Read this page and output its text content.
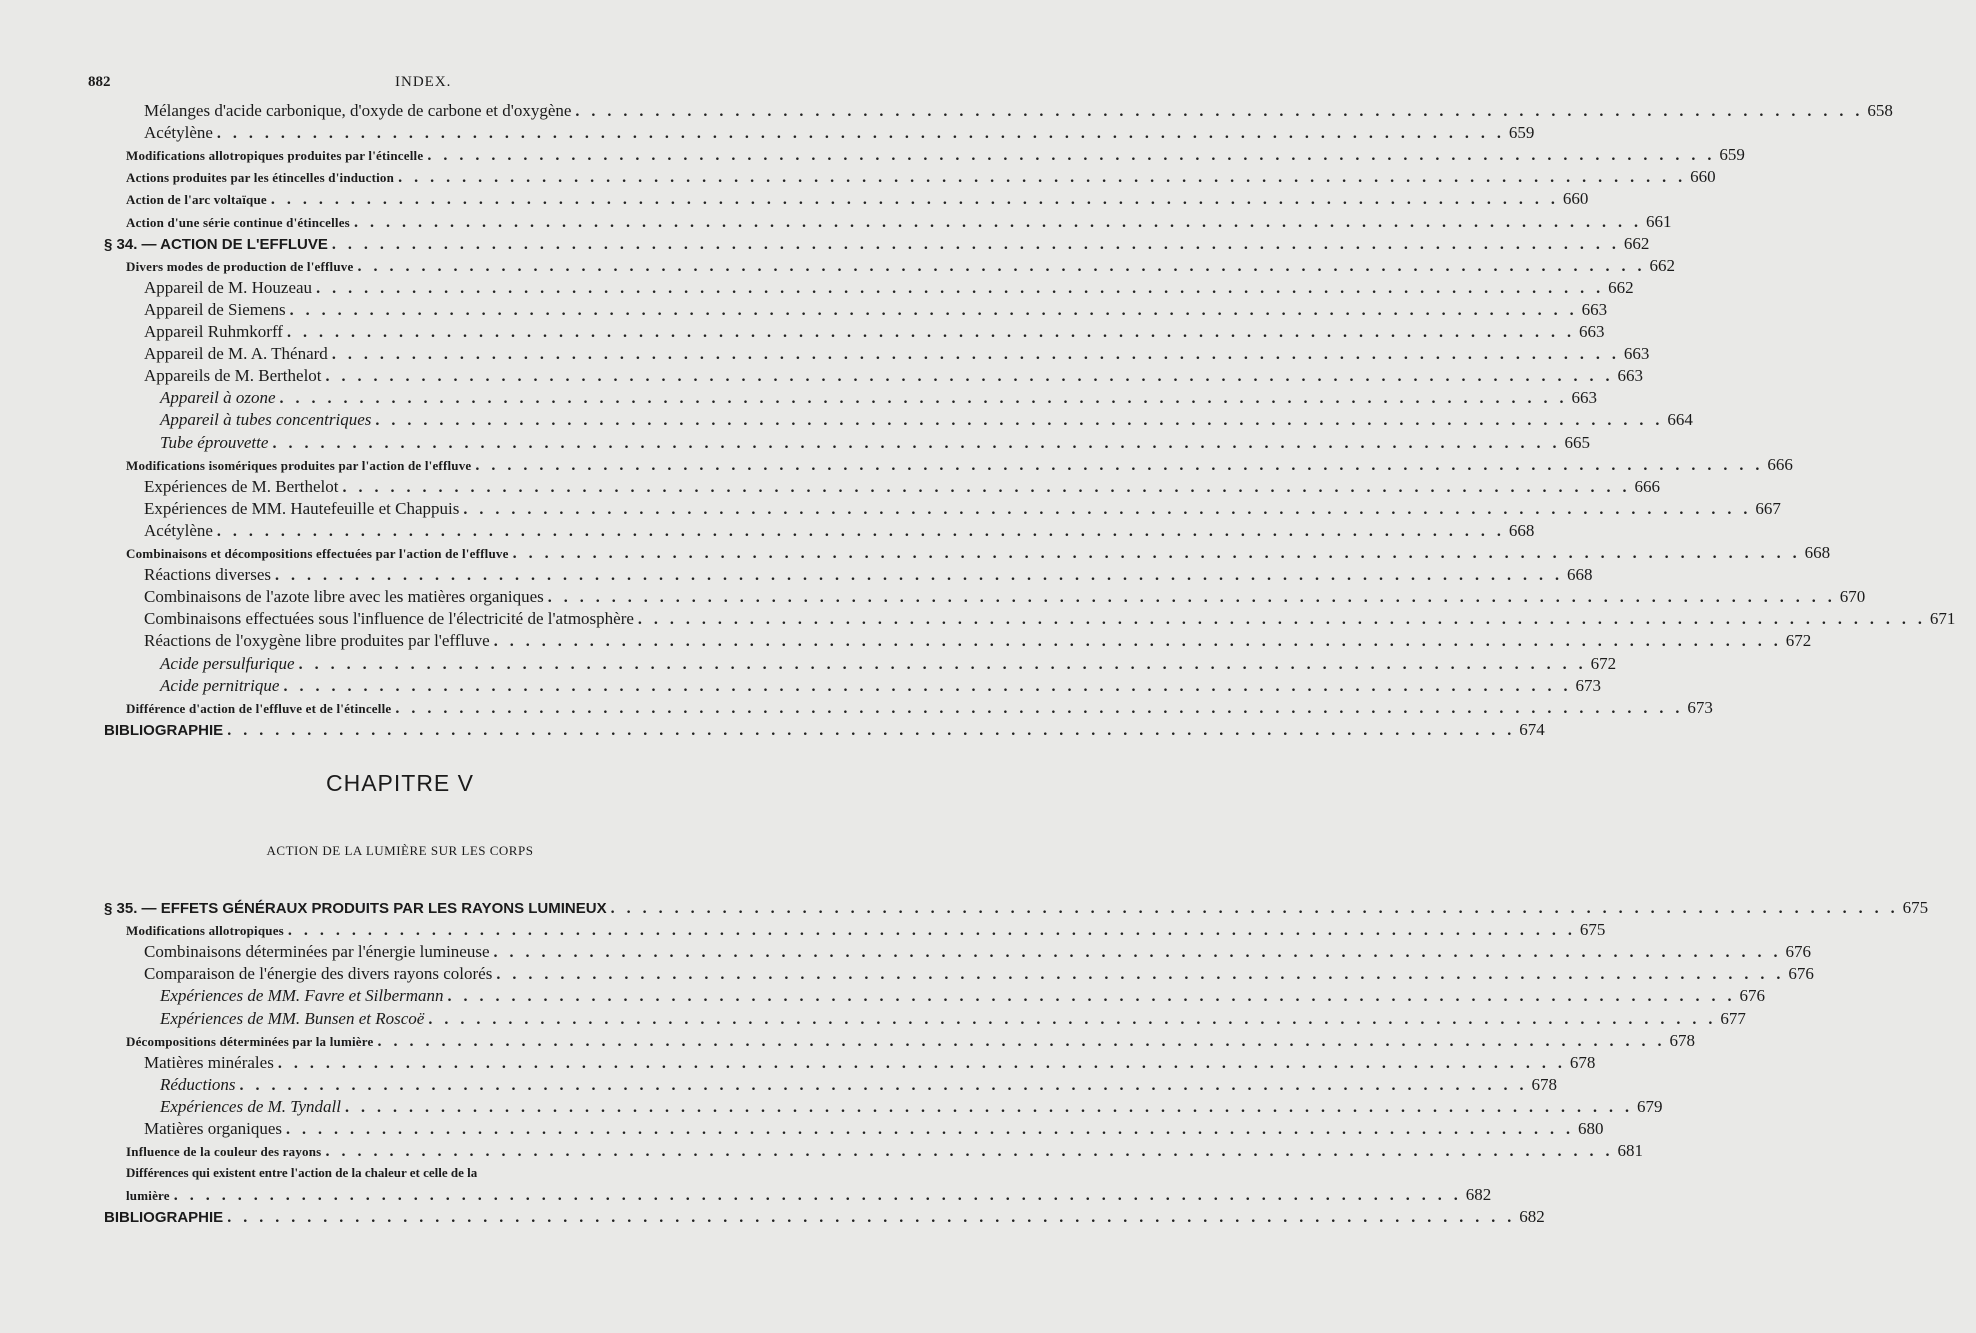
882	INDEX.
Mélanges d'acide carbonique, d'oxyde de carbone et d'oxygène . . . . . . . . . . . . . . . . . . . . . . . . . . . . . . . . . . . . . . . . . . . . . . . . . . . . . . . . . . . . . . . . . . . . . . . . . . . . . . . . . 658
Acétylène . . . . . . . . . . . . . . . . . . . . . . . . . . . . . . . . . . . . . . . . . . . . . . . . . . . . . . . . . . . . . . . . . . . . . . . . . . . . . . . . . 659
Modifications allotropiques produites par l'étincelle . . . . . . . . . . . . . . . . . . . . . . . . . . . . . . . . . . . . . . . . . . . . . . . . . . . . . . . . . . . . . . . . . . . . . . . . . . . . . . . . . 659
Actions produites par les étincelles d'induction . . . . . . . . . . . . . . . . . . . . . . . . . . . . . . . . . . . . . . . . . . . . . . . . . . . . . . . . . . . . . . . . . . . . . . . . . . . . . . . . . 660
Action de l'arc voltaïque . . . . . . . . . . . . . . . . . . . . . . . . . . . . . . . . . . . . . . . . . . . . . . . . . . . . . . . . . . . . . . . . . . . . . . . . . . . . . . . . . 660
Action d'une série continue d'étincelles . . . . . . . . . . . . . . . . . . . . . . . . . . . . . . . . . . . . . . . . . . . . . . . . . . . . . . . . . . . . . . . . . . . . . . . . . . . . . . . . . 661
§ 34. — ACTION DE L'EFFLUVE . . . . . . . . . . . . . . . . . . . . . . . . . . . . . . . . . . . . . . . . . . . . . . . . . . . . . . . . . . . . . . . . . . . . . . . . . . . . . . . . . 662
Divers modes de production de l'effluve . . . . . . . . . . . . . . . . . . . . . . . . . . . . . . . . . . . . . . . . . . . . . . . . . . . . . . . . . . . . . . . . . . . . . . . . . . . . . . . . . 662
Appareil de M. Houzeau . . . . . . . . . . . . . . . . . . . . . . . . . . . . . . . . . . . . . . . . . . . . . . . . . . . . . . . . . . . . . . . . . . . . . . . . . . . . . . . . . 662
Appareil de Siemens . . . . . . . . . . . . . . . . . . . . . . . . . . . . . . . . . . . . . . . . . . . . . . . . . . . . . . . . . . . . . . . . . . . . . . . . . . . . . . . . . 663
Appareil Ruhmkorff . . . . . . . . . . . . . . . . . . . . . . . . . . . . . . . . . . . . . . . . . . . . . . . . . . . . . . . . . . . . . . . . . . . . . . . . . . . . . . . . . 663
Appareil de M. A. Thénard . . . . . . . . . . . . . . . . . . . . . . . . . . . . . . . . . . . . . . . . . . . . . . . . . . . . . . . . . . . . . . . . . . . . . . . . . . . . . . . . . 663
Appareils de M. Berthelot . . . . . . . . . . . . . . . . . . . . . . . . . . . . . . . . . . . . . . . . . . . . . . . . . . . . . . . . . . . . . . . . . . . . . . . . . . . . . . . . . 663
Appareil à ozone . . . . . . . . . . . . . . . . . . . . . . . . . . . . . . . . . . . . . . . . . . . . . . . . . . . . . . . . . . . . . . . . . . . . . . . . . . . . . . . . . 663
Appareil à tubes concentriques . . . . . . . . . . . . . . . . . . . . . . . . . . . . . . . . . . . . . . . . . . . . . . . . . . . . . . . . . . . . . . . . . . . . . . . . . . . . . . . . . 664
Tube éprouvette . . . . . . . . . . . . . . . . . . . . . . . . . . . . . . . . . . . . . . . . . . . . . . . . . . . . . . . . . . . . . . . . . . . . . . . . . . . . . . . . . 665
Modifications isomériques produites par l'action de l'effluve . . . . . . . . . . . . . . . . . . . . . . . . . . . . . . . . . . . . . . . . . . . . . . . . . . . . . . . . . . . . . . . . . . . . . . . . . . . . . . . . . 666
Expériences de M. Berthelot . . . . . . . . . . . . . . . . . . . . . . . . . . . . . . . . . . . . . . . . . . . . . . . . . . . . . . . . . . . . . . . . . . . . . . . . . . . . . . . . . 666
Expériences de MM. Hautefeuille et Chappuis . . . . . . . . . . . . . . . . . . . . . . . . . . . . . . . . . . . . . . . . . . . . . . . . . . . . . . . . . . . . . . . . . . . . . . . . . . . . . . . . . 667
Acétylène . . . . . . . . . . . . . . . . . . . . . . . . . . . . . . . . . . . . . . . . . . . . . . . . . . . . . . . . . . . . . . . . . . . . . . . . . . . . . . . . . 668
Combinaisons et décompositions effectuées par l'action de l'effluve . . . . . . . . . . . . . . . . . . . . . . . . . . . . . . . . . . . . . . . . . . . . . . . . . . . . . . . . . . . . . . . . . . . . . . . . . . . . . . . . . 668
Réactions diverses . . . . . . . . . . . . . . . . . . . . . . . . . . . . . . . . . . . . . . . . . . . . . . . . . . . . . . . . . . . . . . . . . . . . . . . . . . . . . . . . . 668
Combinaisons de l'azote libre avec les matières organiques . . . . . . . . . . . . . . . . . . . . . . . . . . . . . . . . . . . . . . . . . . . . . . . . . . . . . . . . . . . . . . . . . . . . . . . . . . . . . . . . . 670
Combinaisons effectuées sous l'influence de l'électricité de l'atmosphère . . . . . . . . . . . . . . . . . . . . . . . . . . . . . . . . . . . . . . . . . . . . . . . . . . . . . . . . . . . . . . . . . . . . . . . . . . . . . . . . . 671
Réactions de l'oxygène libre produites par l'effluve . . . . . . . . . . . . . . . . . . . . . . . . . . . . . . . . . . . . . . . . . . . . . . . . . . . . . . . . . . . . . . . . . . . . . . . . . . . . . . . . . 672
Acide persulfurique . . . . . . . . . . . . . . . . . . . . . . . . . . . . . . . . . . . . . . . . . . . . . . . . . . . . . . . . . . . . . . . . . . . . . . . . . . . . . . . . . 672
Acide pernitrique . . . . . . . . . . . . . . . . . . . . . . . . . . . . . . . . . . . . . . . . . . . . . . . . . . . . . . . . . . . . . . . . . . . . . . . . . . . . . . . . . 673
Différence d'action de l'effluve et de l'étincelle . . . . . . . . . . . . . . . . . . . . . . . . . . . . . . . . . . . . . . . . . . . . . . . . . . . . . . . . . . . . . . . . . . . . . . . . . . . . . . . . . 673
BIBLIOGRAPHIE . . . . . . . . . . . . . . . . . . . . . . . . . . . . . . . . . . . . . . . . . . . . . . . . . . . . . . . . . . . . . . . . . . . . . . . . . . . . . . . . . 674
CHAPITRE V
ACTION DE LA LUMIÈRE SUR LES CORPS
§ 35. — EFFETS GÉNÉRAUX PRODUITS PAR LES RAYONS LUMINEUX . . . . . . . . . . . . . . . . . . . . . . . . . . . . . . . . . . . . . . . . . . . . . . . . . . . . . . . . . . . . . . . . . . . . . . . . . . . . . . . . . 675
Modifications allotropiques . . . . . . . . . . . . . . . . . . . . . . . . . . . . . . . . . . . . . . . . . . . . . . . . . . . . . . . . . . . . . . . . . . . . . . . . . . . . . . . . . 675
Combinaisons déterminées par l'énergie lumineuse . . . . . . . . . . . . . . . . . . . . . . . . . . . . . . . . . . . . . . . . . . . . . . . . . . . . . . . . . . . . . . . . . . . . . . . . . . . . . . . . . 676
Comparaison de l'énergie des divers rayons colorés . . . . . . . . . . . . . . . . . . . . . . . . . . . . . . . . . . . . . . . . . . . . . . . . . . . . . . . . . . . . . . . . . . . . . . . . . . . . . . . . . 676
Expériences de MM. Favre et Silbermann . . . . . . . . . . . . . . . . . . . . . . . . . . . . . . . . . . . . . . . . . . . . . . . . . . . . . . . . . . . . . . . . . . . . . . . . . . . . . . . . . 676
Expériences de MM. Bunsen et Roscoë . . . . . . . . . . . . . . . . . . . . . . . . . . . . . . . . . . . . . . . . . . . . . . . . . . . . . . . . . . . . . . . . . . . . . . . . . . . . . . . . . 677
Décompositions déterminées par la lumière . . . . . . . . . . . . . . . . . . . . . . . . . . . . . . . . . . . . . . . . . . . . . . . . . . . . . . . . . . . . . . . . . . . . . . . . . . . . . . . . . 678
Matières minérales . . . . . . . . . . . . . . . . . . . . . . . . . . . . . . . . . . . . . . . . . . . . . . . . . . . . . . . . . . . . . . . . . . . . . . . . . . . . . . . . . 678
Réductions . . . . . . . . . . . . . . . . . . . . . . . . . . . . . . . . . . . . . . . . . . . . . . . . . . . . . . . . . . . . . . . . . . . . . . . . . . . . . . . . . 678
Expériences de M. Tyndall . . . . . . . . . . . . . . . . . . . . . . . . . . . . . . . . . . . . . . . . . . . . . . . . . . . . . . . . . . . . . . . . . . . . . . . . . . . . . . . . . 679
Matières organiques . . . . . . . . . . . . . . . . . . . . . . . . . . . . . . . . . . . . . . . . . . . . . . . . . . . . . . . . . . . . . . . . . . . . . . . . . . . . . . . . . 680
Influence de la couleur des rayons . . . . . . . . . . . . . . . . . . . . . . . . . . . . . . . . . . . . . . . . . . . . . . . . . . . . . . . . . . . . . . . . . . . . . . . . . . . . . . . . . 681
Différences qui existent entre l'action de la chaleur et celle de la
lumière . . . . . . . . . . . . . . . . . . . . . . . . . . . . . . . . . . . . . . . . . . . . . . . . . . . . . . . . . . . . . . . . . . . . . . . . . . . . . . . . . 682
BIBLIOGRAPHIE . . . . . . . . . . . . . . . . . . . . . . . . . . . . . . . . . . . . . . . . . . . . . . . . . . . . . . . . . . . . . . . . . . . . . . . . . . . . . . . . . 682
